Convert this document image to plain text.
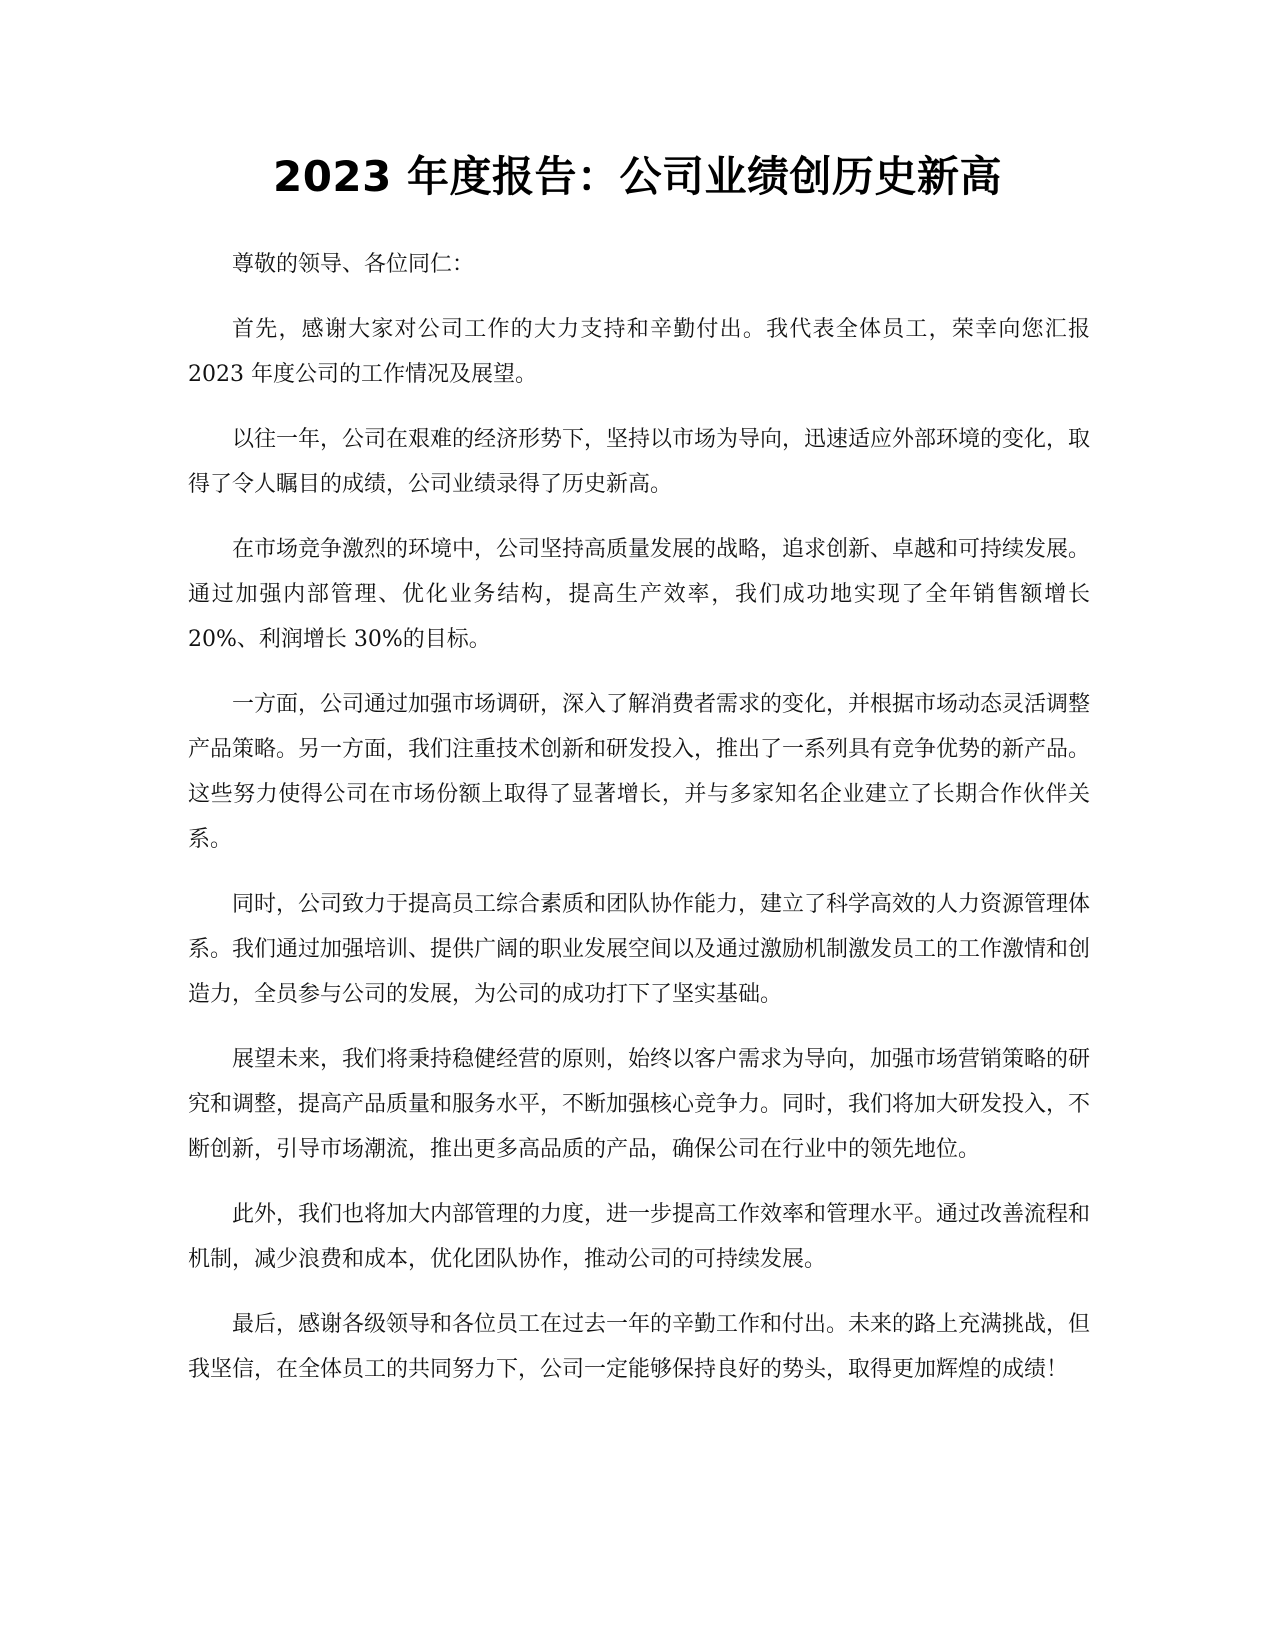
2023 年度报告：公司业绩创历史新高

尊敬的领导、各位同仁：

首先，感谢大家对公司工作的大力支持和辛勤付出。我代表全体员工，荣幸向您汇报 2023 年度公司的工作情况及展望。

以往一年，公司在艰难的经济形势下，坚持以市场为导向，迅速适应外部环境的变化，取得了令人瞩目的成绩，公司业绩录得了历史新高。

在市场竞争激烈的环境中，公司坚持高质量发展的战略，追求创新、卓越和可持续发展。通过加强内部管理、优化业务结构，提高生产效率，我们成功地实现了全年销售额增长 20%、利润增长 30%的目标。

一方面，公司通过加强市场调研，深入了解消费者需求的变化，并根据市场动态灵活调整产品策略。另一方面，我们注重技术创新和研发投入，推出了一系列具有竞争优势的新产品。这些努力使得公司在市场份额上取得了显著增长，并与多家知名企业建立了长期合作伙伴关系。

同时，公司致力于提高员工综合素质和团队协作能力，建立了科学高效的人力资源管理体系。我们通过加强培训、提供广阔的职业发展空间以及通过激励机制激发员工的工作激情和创造力，全员参与公司的发展，为公司的成功打下了坚实基础。

展望未来，我们将秉持稳健经营的原则，始终以客户需求为导向，加强市场营销策略的研究和调整，提高产品质量和服务水平，不断加强核心竞争力。同时，我们将加大研发投入，不断创新，引导市场潮流，推出更多高品质的产品，确保公司在行业中的领先地位。

此外，我们也将加大内部管理的力度，进一步提高工作效率和管理水平。通过改善流程和机制，减少浪费和成本，优化团队协作，推动公司的可持续发展。

最后，感谢各级领导和各位员工在过去一年的辛勤工作和付出。未来的路上充满挑战，但我坚信，在全体员工的共同努力下，公司一定能够保持良好的势头，取得更加辉煌的成绩！
